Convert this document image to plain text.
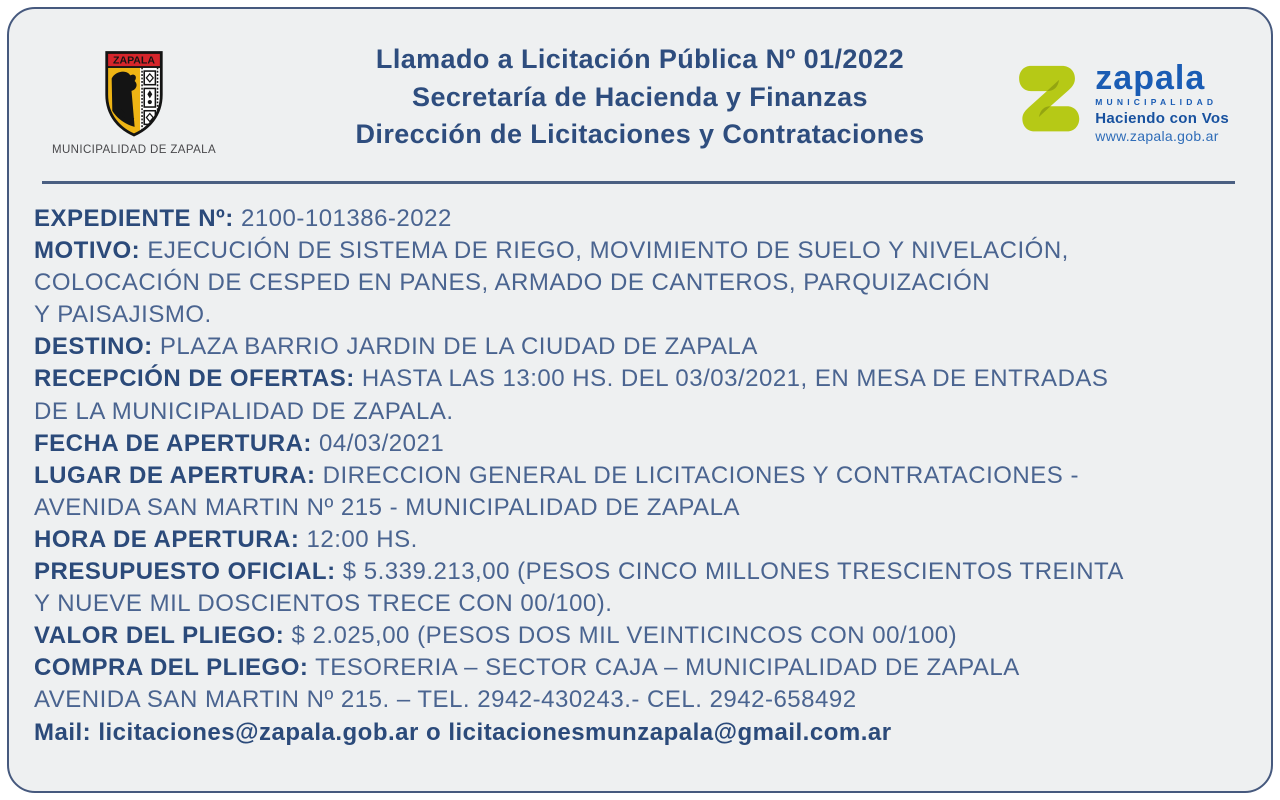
ZAPALA
MUNICIPALIDAD DE ZAPALA
Llamado a Licitación Pública Nº 01/2022
Secretaría de Hacienda y Finanzas
Dirección de Licitaciones y Contrataciones
zapala
MUNICIPALIDAD
Haciendo con Vos
www.zapala.gob.ar
EXPEDIENTE Nº: 2100-101386-2022
MOTIVO: EJECUCIÓN DE SISTEMA DE RIEGO, MOVIMIENTO DE SUELO Y NIVELACIÓN,
COLOCACIÓN DE CESPED EN PANES, ARMADO DE CANTEROS, PARQUIZACIÓN
Y PAISAJISMO.
DESTINO: PLAZA BARRIO JARDIN DE LA CIUDAD DE ZAPALA
RECEPCIÓN DE OFERTAS: HASTA LAS 13:00 HS. DEL 03/03/2021, EN MESA DE ENTRADAS
DE LA MUNICIPALIDAD DE ZAPALA.
FECHA DE APERTURA: 04/03/2021
LUGAR DE APERTURA: DIRECCION GENERAL DE LICITACIONES Y CONTRATACIONES -
AVENIDA SAN MARTIN Nº 215 - MUNICIPALIDAD DE ZAPALA
HORA DE APERTURA: 12:00 HS.
PRESUPUESTO OFICIAL: $ 5.339.213,00 (PESOS CINCO MILLONES TRESCIENTOS TREINTA
Y NUEVE MIL DOSCIENTOS TRECE CON 00/100).
VALOR DEL PLIEGO: $ 2.025,00 (PESOS DOS MIL VEINTICINCOS CON 00/100)
COMPRA DEL PLIEGO: TESORERIA – SECTOR CAJA – MUNICIPALIDAD DE ZAPALA
AVENIDA SAN MARTIN Nº 215. – TEL. 2942-430243.- CEL. 2942-658492
Mail: licitaciones@zapala.gob.ar o licitacionesmunzapala@gmail.com.ar
